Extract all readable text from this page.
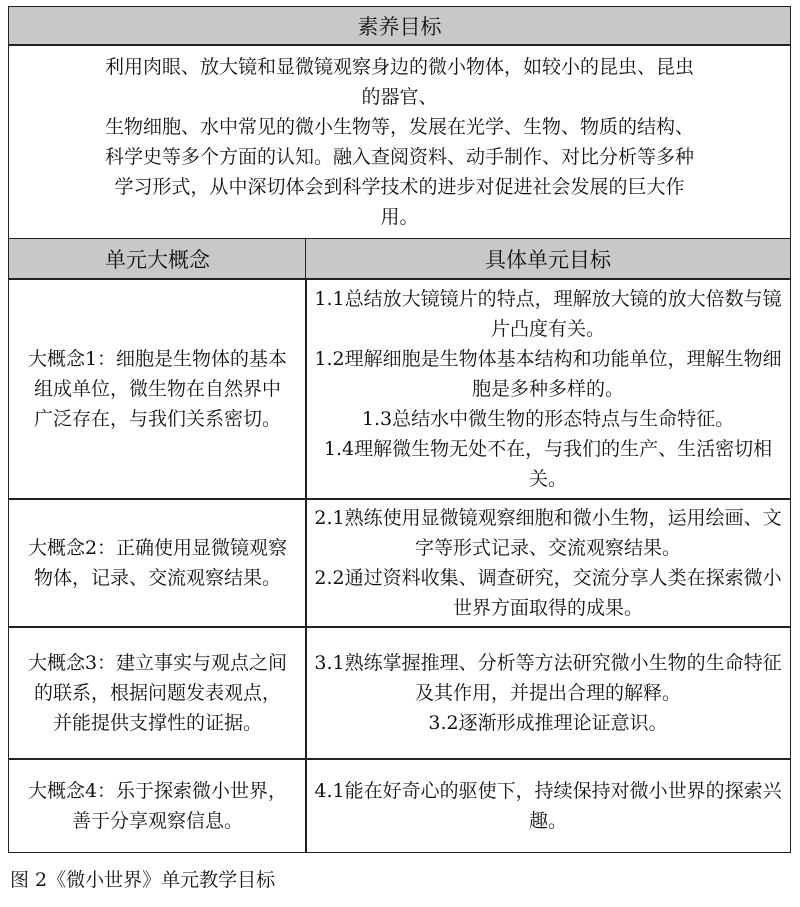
素养目标
利用肉眼、放大镜和显微镜观察身边的微小物体，如较小的昆虫、昆虫
的器官、
生物细胞、水中常见的微小生物等，发展在光学、生物、物质的结构、
科学史等多个方面的认知。融入查阅资料、动手制作、对比分析等多种
学习形式，从中深切体会到科学技术的进步对促进社会发展的巨大作
用。
单元大概念	具体单元目标
大概念1：细胞是生物体的基本组成单位，微生物在自然界中广泛存在，与我们关系密切。
1.1总结放大镜镜片的特点，理解放大镜的放大倍数与镜片凸度有关。
1.2理解细胞是生物体基本结构和功能单位，理解生物细胞是多种多样的。
1.3总结水中微生物的形态特点与生命特征。
1.4理解微生物无处不在，与我们的生产、生活密切相关。
大概念2：正确使用显微镜观察物体，记录、交流观察结果。
2.1熟练使用显微镜观察细胞和微小生物，运用绘画、文字等形式记录、交流观察结果。
2.2通过资料收集、调查研究，交流分享人类在探索微小世界方面取得的成果。
大概念3：建立事实与观点之间的联系，根据问题发表观点，并能提供支撑性的证据。
3.1熟练掌握推理、分析等方法研究微小生物的生命特征及其作用，并提出合理的解释。
3.2逐渐形成推理论证意识。
大概念4：乐于探索微小世界，善于分享观察信息。
4.1能在好奇心的驱使下，持续保持对微小世界的探索兴趣。
图 2《微小世界》单元教学目标
